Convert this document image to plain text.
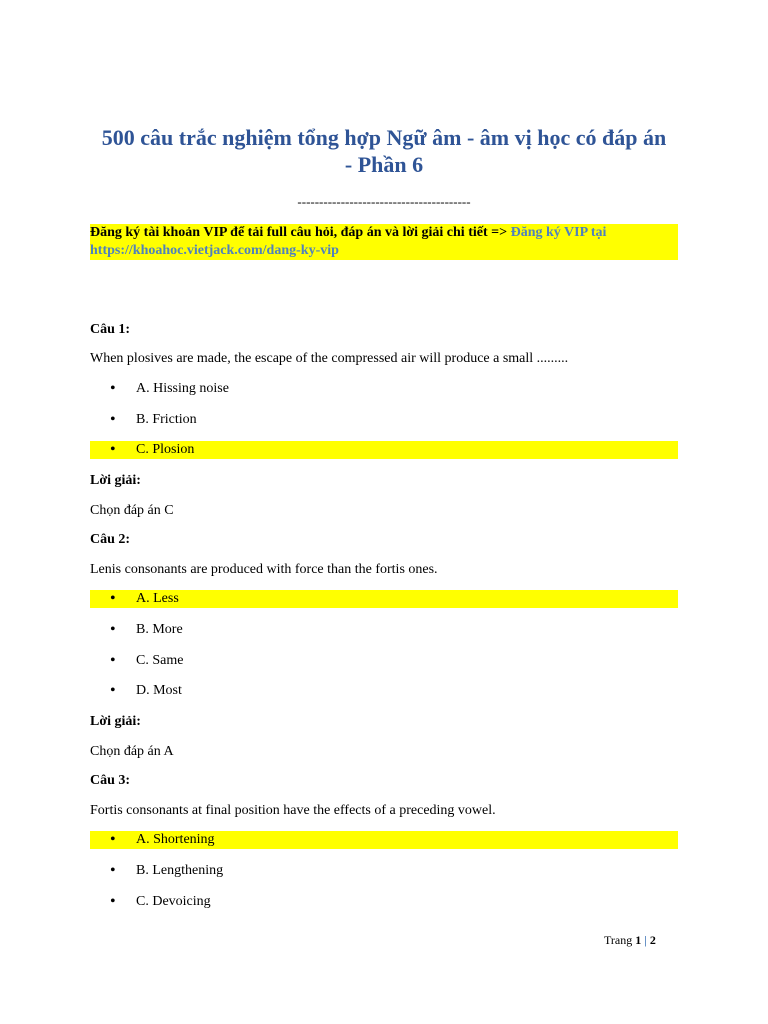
500 câu trắc nghiệm tổng hợp Ngữ âm - âm vị học có đáp án
- Phần 6
----------------------------------------
Đăng ký tài khoản VIP để tải full câu hỏi, đáp án và lời giải chi tiết => Đăng ký VIP tại
https://khoahoc.vietjack.com/dang-ky-vip
Câu 1:
When plosives are made, the escape of the compressed air will produce a small .........
• A. Hissing noise
• B. Friction
• C. Plosion
Lời giải:
Chọn đáp án C
Câu 2:
Lenis consonants are produced with force than the fortis ones.
• A. Less
• B. More
• C. Same
• D. Most
Lời giải:
Chọn đáp án A
Câu 3:
Fortis consonants at final position have the effects of a preceding vowel.
• A. Shortening
• B. Lengthening
• C. Devoicing
Trang 1 | 2
